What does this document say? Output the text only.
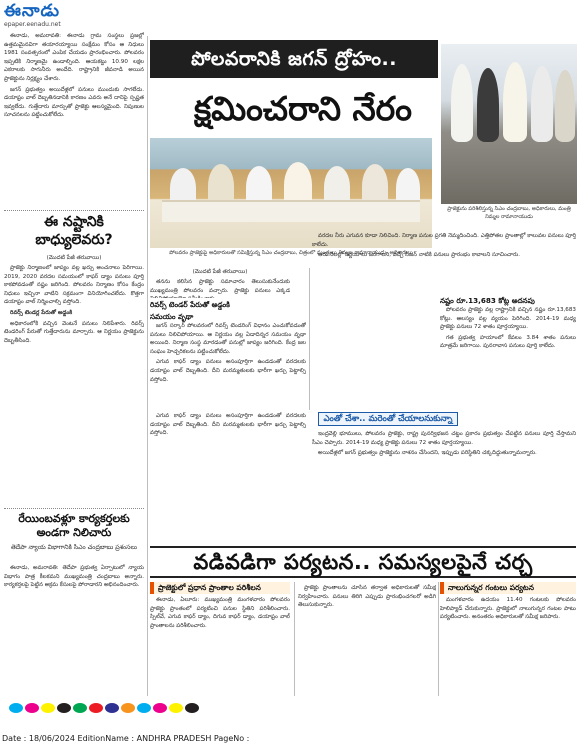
ఈనాడు
epaper.eenadu.net

ఈనాడు, అమరావతి: ఈనాడు గ్రామ సంస్థలు ప్రజల్లో ఉత్తమమైనవిగా తయారయ్యాయి సంక్షేమం కోసం ఆ నిధులు 1981 సంవత్సరంలో ఎంపిక చేయడం ప్రారంభించారు. పోలవరం ఇప్పటికి నిర్మాణమై ఉండాల్సింది. ఆయకట్టు 10.90 లక్షల ఎకరాలకు సాగునీరు అందేది. రాష్ట్రానికి జీవనాడి అయిన ప్రాజెక్టును నిర్లక్ష్యం చేశారు.

జగన్ ప్రభుత్వం అయిదేళ్లలో పనులు ముందుకు సాగలేదు. డయాఫ్రం వాల్ దెబ్బతినడానికి కారణం ఎవరు అనే దానిపై స్పష్టత ఇవ్వలేదు. గుత్తేదారు మార్పుతో ప్రాజెక్టు ఆలస్యమైంది. నిపుణుల సూచనలను పట్టించుకోలేదు.

ఈ నష్టానికి బాధ్యులెవరు?
(మొదటి పేజీ తరువాయి)

ప్రాజెక్టు నిర్మాణంలో జాప్యం వల్ల ఖర్చు అంచనాలు పెరిగాయి. 2019, 2020 వరదల సమయంలో కాఫర్ డ్యాం పనులు పూర్తి కాకపోవడంతో నష్టం జరిగింది. పోలవరం నిర్మాణం కోసం కేంద్రం నిధులు ఇచ్చినా వాటిని సక్రమంగా వినియోగించలేదు. కొత్తగా డయాఫ్రం వాల్ నిర్మించాల్సి వస్తోంది.

రివర్స్ టెండర్ల పేరుతో అడ్డంకి

అధికారంలోకి వచ్చిన వెంటనే పనులు నిలిపేశారు. రివర్స్ టెండరింగ్ పేరుతో గుత్తేదారును మార్చారు. ఆ నిర్ణయం ప్రాజెక్టును దెబ్బతీసింది.

రేయింబవళ్లూ కార్యకర్తలకు అండగా నిలిచారు
తెదేపా న్యాయ విభాగానికి సీఎం చంద్రబాబు ప్రశంసలు

ఈనాడు, అమరావతి: తెదేపా ప్రభుత్వ ఏర్పాటులో న్యాయ విభాగం పాత్ర కీలకమని ముఖ్యమంత్రి చంద్రబాబు అన్నారు. కార్యకర్తలపై పెట్టిన అక్రమ కేసులపై పోరాడారని అభినందించారు.

పోలవరానికి జగన్ ద్రోహం..
క్షమించరాని నేరం
పోలవరం ప్రాజెక్టుపై అధికారులతో సమీక్షిస్తున్న సీఎం చంద్రబాబు, చిత్రంలో మంత్రులు నిమ్మల రామానాయుడు, అధికారులు
ప్రాజెక్టును పరిశీలిస్తున్న సీఎం చంద్రబాబు, అధికారులు, మంత్రి నిమ్మల రామానాయుడు
(మొదటి పేజీ తరువాయి)

తనను కలిసిన ప్రాజెక్టు సమాచారం తెలుసుకునేందుకు ముఖ్యమంత్రి పోలవరం వచ్చారు. ప్రాజెక్టు పనులు ఎక్కడ

రివర్స్ టెండర్ పేరుతో అడ్డంకి
సమయం వృథా

జగన్ సర్కార్ పోలవరంలో రివర్స్ టెండరింగ్ విధానం ఎంచుకోవడంతో పనులు నిలిచిపోయాయి. ఆ నిర్ణయం వల్ల ఏడాదిన్నర సమయం వృథా అయింది. నిర్మాణ సంస్థ మారడంతో పనుల్లో జాప్యం జరిగింది. కేంద్ర జల సంఘం హెచ్చరికలను పట్టించుకోలేదు.

ఎగువ కాఫర్ డ్యాం పనులు అసంపూర్తిగా ఉండడంతో వరదలకు డయాఫ్రం వాల్ దెబ్బతింది. దీని మరమ్మతులకు భారీగా ఖర్చు పెట్టాల్సి వస్తోంది.

వరదల నీరు ఎగువన కూడా నిలిచింది. నిర్మాణ పనుల ప్రగతి నెమ్మదించింది. ఎత్తిపోతల ప్రాంతాల్లో కాలువల పనులు పూర్తి కాలేదు.

ఆరు నెలల్లో నిర్ణయాలు జరగాలని, వచ్చే సీజన్ నాటికి పనులు ప్రారంభం కావాలని సూచించారు.

నష్టం రూ.13,683 కోట్ల అదనపు

పోలవరం ప్రాజెక్టు వల్ల రాష్ట్రానికి వచ్చిన నష్టం రూ.13,683 కోట్లు. ఆలస్యం వల్ల వ్యయం పెరిగింది. 2014-19 మధ్య ప్రాజెక్టు పనులు 72 శాతం పూర్తయ్యాయి.

గత ప్రభుత్వ హయాంలో కేవలం 3.84 శాతం పనులు మాత్రమే జరిగాయి. పునరావాస పనులు పూర్తి కాలేదు.

ఎంతో చేశా.. మరెంతో చేయాలనుకున్నా

ఇంద్రవెల్లి భూములు, పోలవరం ప్రాజెక్టు, రాష్ట్ర పునర్విభజన చట్టం ప్రకారం ప్రభుత్వం చేపట్టిన పనులు పూర్తి చేస్తామని సీఎం చెప్పారు. 2014-19 మధ్య ప్రాజెక్టు పనులు 72 శాతం పూర్తయ్యాయి.

అయిదేళ్లలో జగన్ ప్రభుత్వం ప్రాజెక్టును నాశనం చేసిందని, ఇప్పుడు పరిస్థితిని చక్కదిద్దుతున్నామన్నారు.

ఎగువ కాఫర్ డ్యాం పనులు అసంపూర్తిగా ఉండడంతో వరదలకు డయాఫ్రం వాల్ దెబ్బతింది. దీని మరమ్మతులకు భారీగా ఖర్చు పెట్టాల్సి వస్తోంది.

వడివడిగా పర్యటన.. సమస్యలపైనే చర్చ
ప్రాజెక్టులో ప్రధాన ప్రాంతాల పరిశీలన	నాలుగున్నర గంటలు పర్యటన

ఈనాడు, ఏలూరు: ముఖ్యమంత్రి మంగళవారం పోలవరం ప్రాజెక్టు ప్రాంతంలో పర్యటించి పనుల స్థితిని పరిశీలించారు. స్పిల్‌వే, ఎగువ కాఫర్ డ్యాం, దిగువ కాఫర్ డ్యాం, డయాఫ్రం వాల్ ప్రాంతాలను పరిశీలించారు.

ప్రాజెక్టు ప్రాంతాలను చూసిన తర్వాత అధికారులతో సమీక్ష నిర్వహించారు. పనులు తిరిగి ఎప్పుడు ప్రారంభించగలరో అడిగి తెలుసుకున్నారు.

మంగళవారం ఉదయం 11.40 గంటలకు పోలవరం హెలిప్యాడ్ చేరుకున్నారు. ప్రాజెక్టులో నాలుగున్నర గంటల పాటు పర్యటించారు. అనంతరం అధికారులతో సమీక్ష జరిపారు.

Date : 18/06/2024 EditionName : ANDHRA PRADESH PageNo :
